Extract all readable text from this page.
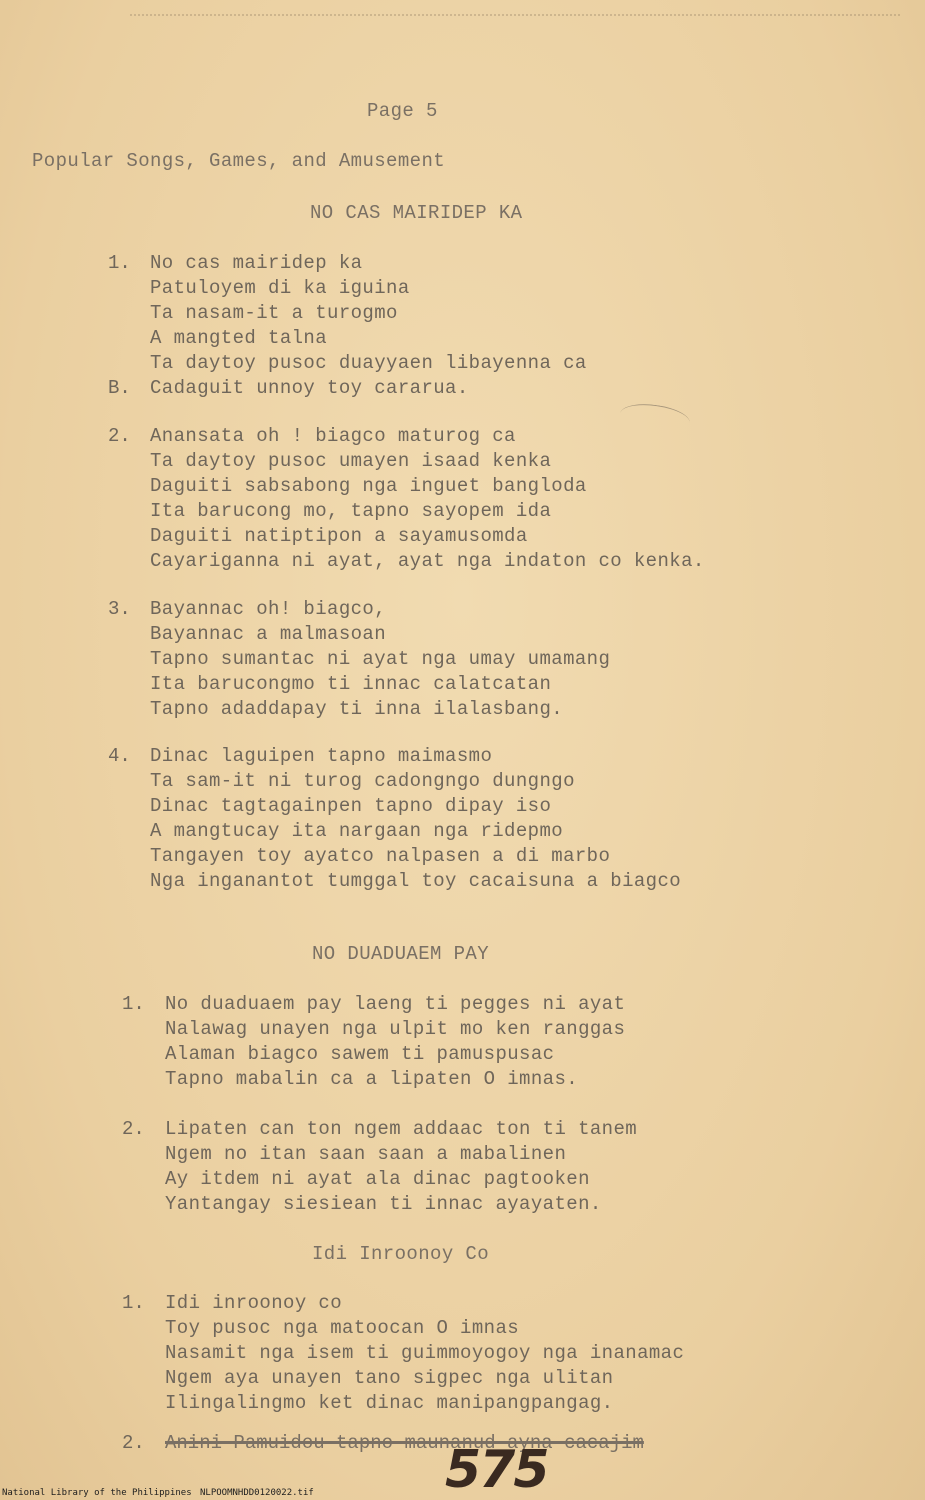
Page 5
Popular Songs, Games, and Amusement
NO CAS MAIRIDEP KA
1. No cas mairidep ka
Patuloyem di ka iguina
Ta nasam-it a turogmo
A mangted talna
Ta daytoy pusoc duayyaen libayenna ca
B. Cadaguit unnoy toy cararua.
2. Anansata oh ! biagco maturog ca
Ta daytoy pusoc umayen isaad kenka
Daguiti sabsabong nga inguet banglodа
Ita barucong mo, tapno sayopem ida
Daguiti natiptipon a sayamusomda
Cayariganna ni ayat, ayat nga indaton co kenka.
3. Bayannac oh! biagco,
Bayannac a malmasoan
Tapno sumantac ni ayat nga umay umamang
Ita barucongmo ti innac calatcatan
Tapno adaddapay ti inna ilalasbang.
4. Dinac laguipen tapno maimasmo
Ta sam-it ni turog cadongngo dungngo
Dinac tagtagainpen tapno dipay iso
A mangtucay ita nargaan nga ridepmo
Tangayen toy ayatco nalpasen a di marbo
Nga inganantot tumggal toy cacaisuna a biagco
NO DUADUAEM PAY
1. No duaduaem pay laeng ti pegges ni ayat
Nalawag unayen nga ulpit mo ken ranggas
Alaman biagco sawem ti pamuspusac
Tapno mabalin ca a lipaten O imnas.
2. Lipaten can ton ngem addaac ton ti tanem
Ngem no itan saan saan a mabalinen
Ay itdem ni ayat ala dinac pagtooken
Yantangay siesiean ti innac ayayaten.
Idi Inroonoy Co
1. Idi inroonoy co
Toy pusoc nga matoocan O imnas
Nasamit nga isem ti guimmoyogoy nga inanamac
Ngem aya unayen tano sigpec nga ulitan
Ilingalingmo ket dinac manipangpangag.
2. Anini Pamuidou tapno maunanud ayna cacajim
575
National Library of the Philippines NLPOOMNHDD0120022.tif
